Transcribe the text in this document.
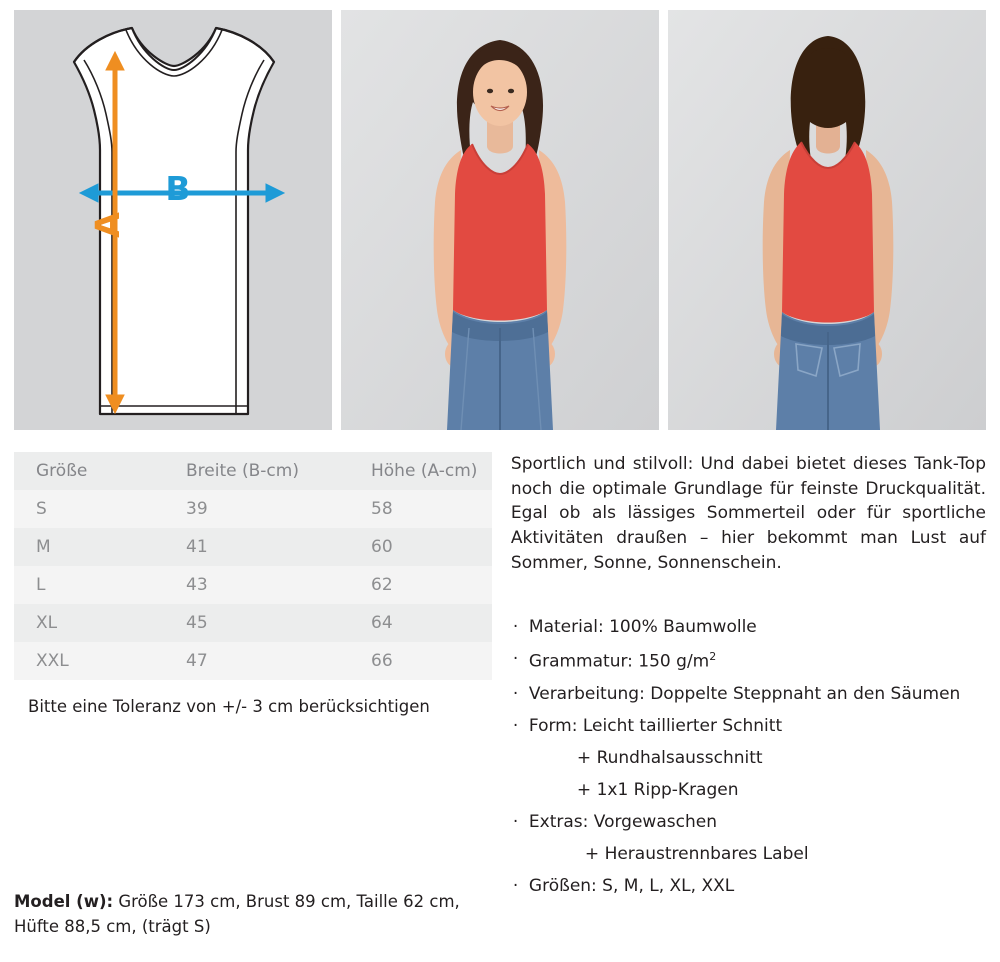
B
A
Größe	Breite (B-cm)	Höhe (A-cm)
S	39	58
M	41	60
L	43	62
XL	45	64
XXL	47	66
Bitte eine Toleranz von +/- 3 cm berücksichtigen

Sportlich und stilvoll: Und dabei bietet dieses Tank-Top noch die optimale Grundlage für feinste Druckqualität. Egal ob als lässiges Sommerteil oder für sportliche Aktivitäten draußen – hier bekommt man Lust auf Sommer, Sonne, Sonnenschein.

· Material: 100% Baumwolle
· Grammatur: 150 $g/m^2$
· Verarbeitung: Doppelte Steppnaht an den Säumen
· Form: Leicht taillierter Schnitt
+ Rundhalsausschnitt
+ 1x1 Ripp-Kragen
· Extras: Vorgewaschen
+ Heraustrennbares Label
· Größen: S, M, L, XL, XXL
Model (w): Größe 173 cm, Brust 89 cm, Taille 62 cm, Hüfte 88,5 cm, (trägt S)
